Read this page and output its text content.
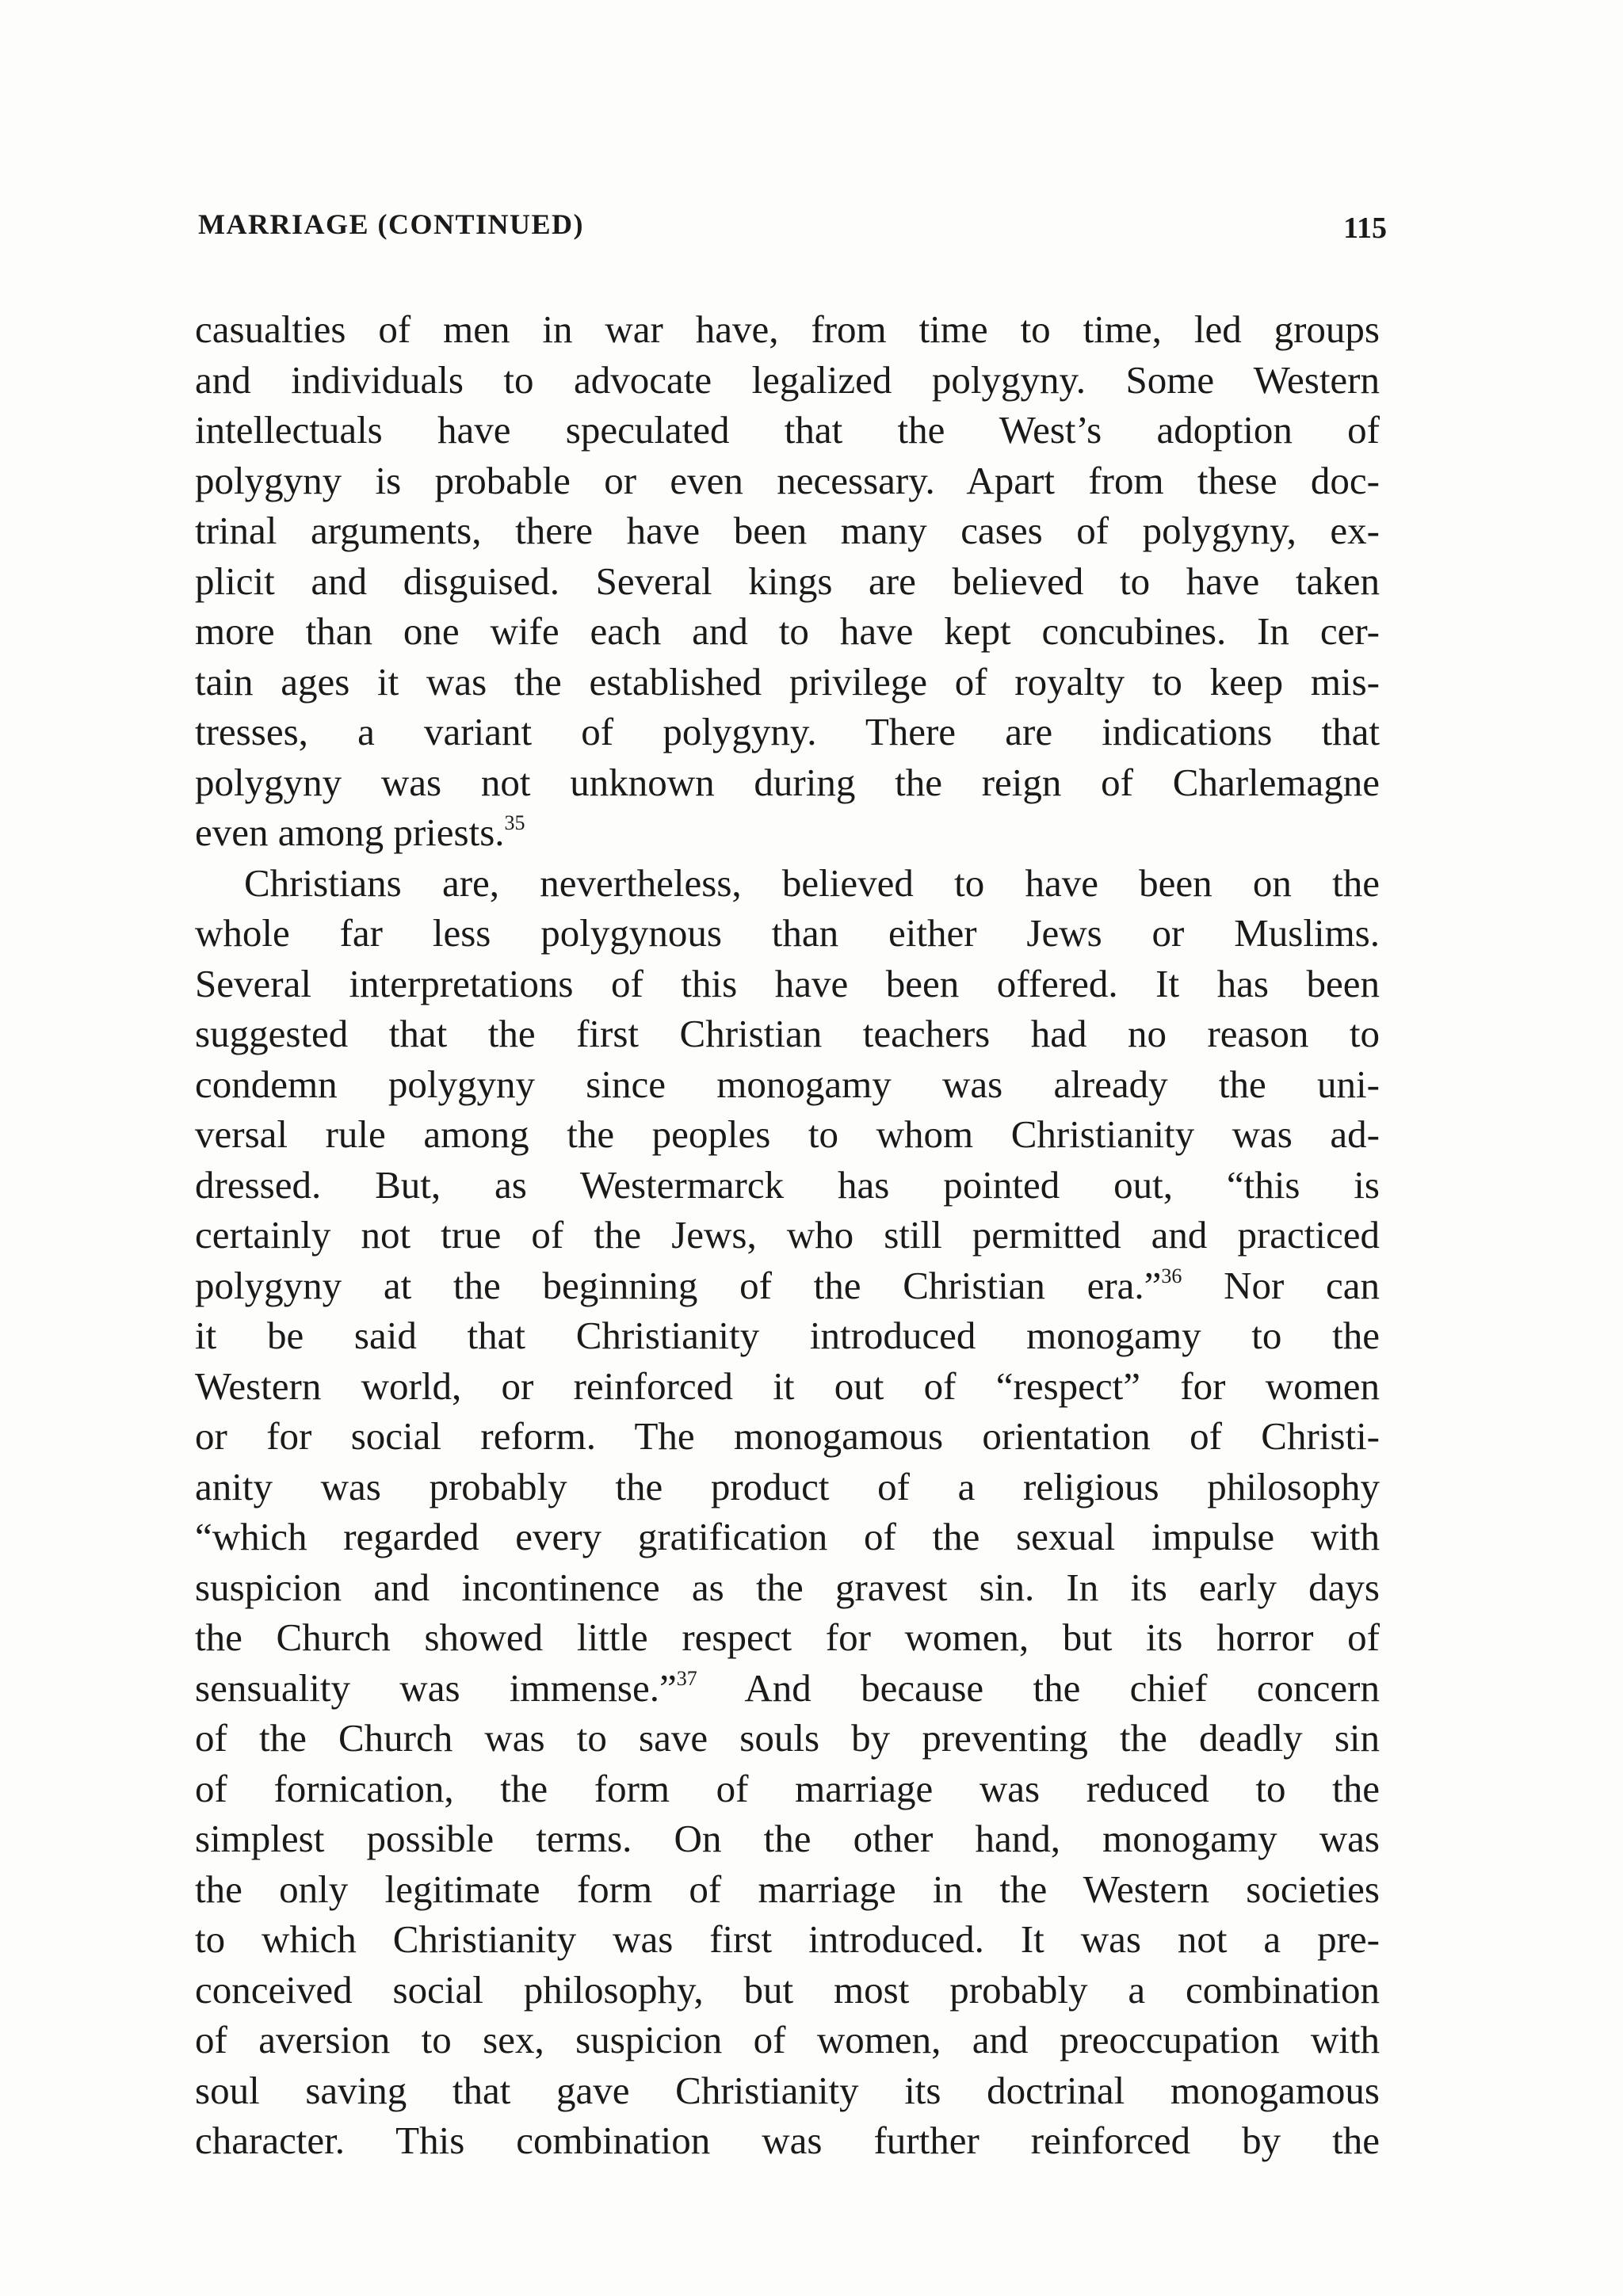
MARRIAGE (CONTINUED)	115
casualties of men in war have, from time to time, led groups
and individuals to advocate legalized polygyny. Some Western
intellectuals have speculated that the West’s adoption of
polygyny is probable or even necessary. Apart from these doc-
trinal arguments, there have been many cases of polygyny, ex-
plicit and disguised. Several kings are believed to have taken
more than one wife each and to have kept concubines. In cer-
tain ages it was the established privilege of royalty to keep mis-
tresses, a variant of polygyny. There are indications that
polygyny was not unknown during the reign of Charlemagne
even among priests.$^{35}$
Christians are, nevertheless, believed to have been on the
whole far less polygynous than either Jews or Muslims.
Several interpretations of this have been offered. It has been
suggested that the first Christian teachers had no reason to
condemn polygyny since monogamy was already the uni-
versal rule among the peoples to whom Christianity was ad-
dressed. But, as Westermarck has pointed out, “this is
certainly not true of the Jews, who still permitted and practiced
polygyny at the beginning of the Christian era.”$^{36}$ Nor can
it be said that Christianity introduced monogamy to the
Western world, or reinforced it out of “respect” for women
or for social reform. The monogamous orientation of Christi-
anity was probably the product of a religious philosophy
“which regarded every gratification of the sexual impulse with
suspicion and incontinence as the gravest sin. In its early days
the Church showed little respect for women, but its horror of
sensuality was immense.”$^{37}$ And because the chief concern
of the Church was to save souls by preventing the deadly sin
of fornication, the form of marriage was reduced to the
simplest possible terms. On the other hand, monogamy was
the only legitimate form of marriage in the Western societies
to which Christianity was first introduced. It was not a pre-
conceived social philosophy, but most probably a combination
of aversion to sex, suspicion of women, and preoccupation with
soul saving that gave Christianity its doctrinal monogamous
character. This combination was further reinforced by the
